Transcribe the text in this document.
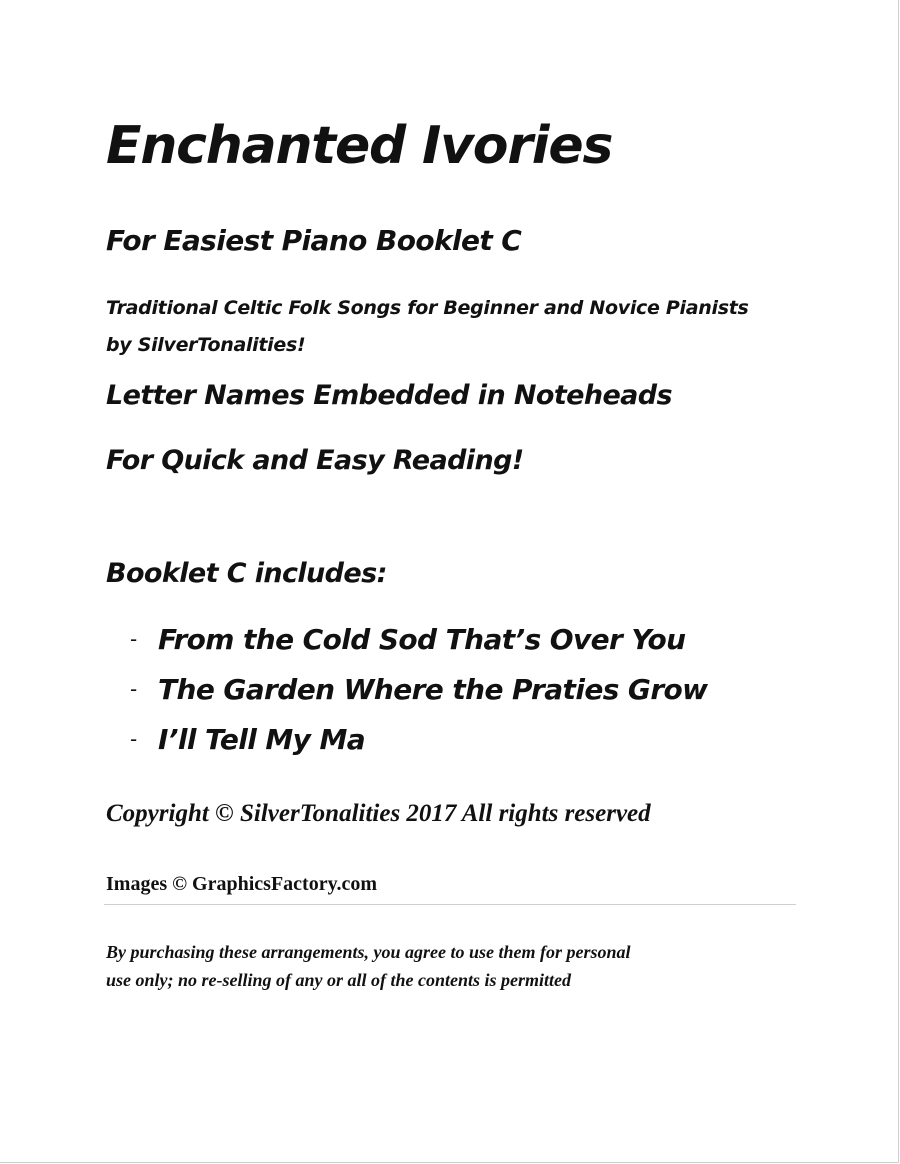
Enchanted Ivories
For Easiest Piano Booklet C
Traditional Celtic Folk Songs for Beginner and Novice Pianists
by SilverTonalities!
Letter Names Embedded in Noteheads
For Quick and Easy Reading!
Booklet C includes:
- From the Cold Sod That’s Over You
- The Garden Where the Praties Grow
- I’ll Tell My Ma
Copyright © SilverTonalities 2017 All rights reserved
Images © GraphicsFactory.com
By purchasing these arrangements, you agree to use them for personal
use only; no re-selling of any or all of the contents is permitted
